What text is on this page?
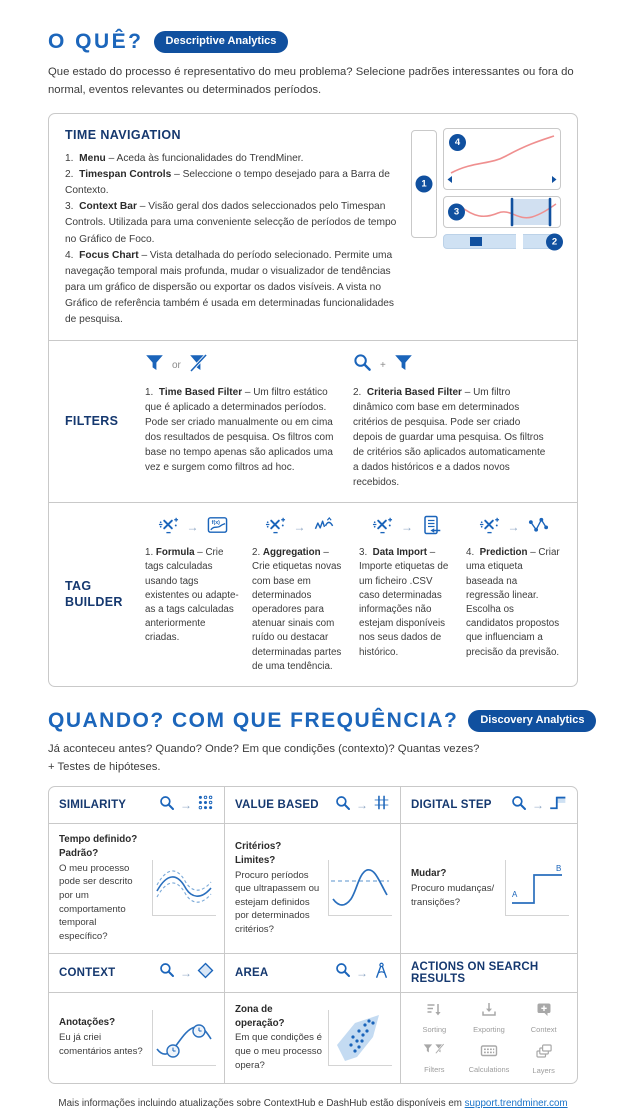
O QUÊ?	Descriptive Analytics

Que estado do processo é representativo do meu problema? Selecione padrões interessantes ou fora do normal, eventos relevantes ou determinados períodos.

TIME NAVIGATION
1. Menu – Aceda às funcionalidades do TrendMiner.
2. Timespan Controls – Seleccione o tempo desejado para a Barra de Contexto.
3. Context Bar – Visão geral dos dados seleccionados pelo Timespan Controls. Utilizada para uma conveniente selecção de períodos de tempo no Gráfico de Foco.
4. Focus Chart – Vista detalhada do período selecionado. Permite uma navegação temporal mais profunda, mudar o visualizador de tendências para um gráfico de dispersão ou exportar os dados visíveis. A vista no Gráfico de referência também é usada em determinadas funcionalidades de pesquisa.
1
4
3
2
FILTERS
or
1. Time Based Filter – Um filtro estático que é aplicado a determinados períodos. Pode ser criado manualmente ou em cima dos resultados de pesquisa. Os filtros com base no tempo apenas são aplicados uma vez e surgem como filtros ad hoc.
+
2. Criteria Based Filter – Um filtro dinâmico com base em determinados critérios de pesquisa. Pode ser criado depois de guardar uma pesquisa. Os filtros de critérios são aplicados automaticamente a dados históricos e a dados novos recebidos.
TAG BUILDER
→ f(x)
1. Formula – Crie tags calculadas usando tags existentes ou adapte-as a tags calculadas anteriormente criadas.
→
2. Aggregation – Crie etiquetas novas com base em determinados operadores para atenuar sinais com ruído ou destacar determinadas partes de uma tendência.
→
3. Data Import – Importe etiquetas de um ficheiro .CSV caso determinadas informações não estejam disponíveis nos seus dados de histórico.
→
4. Prediction – Criar uma etiqueta baseada na regressão linear. Escolha os candidatos propostos que influenciam a precisão da previsão.
QUANDO? COM QUE FREQUÊNCIA?	Discovery Analytics

Já aconteceu antes? Quando? Onde? Em que condições (contexto)? Quantas vezes?
+ Testes de hipóteses.

SIMILARITY	→	VALUE BASED	→	DIGITAL STEP	→
Tempo definido? Padrão?
O meu processo pode ser descrito por um comportamento temporal específico?
Critérios? Limites?
Procuro períodos que ultrapassem ou estejam definidos por determinados critérios?
Mudar?
Procuro mudanças/ transições?
A
B
CONTEXT	→	AREA	→	ACTIONS ON SEARCH RESULTS
Anotações?
Eu já criei comentários antes?
Zona de operação?
Em que condições é que o meu processo opera?
Sorting	Exporting	Context
Filters	Calculations	Layers
Mais informações incluindo atualizações sobre ContextHub e DashHub estão disponíveis em support.trendminer.com
